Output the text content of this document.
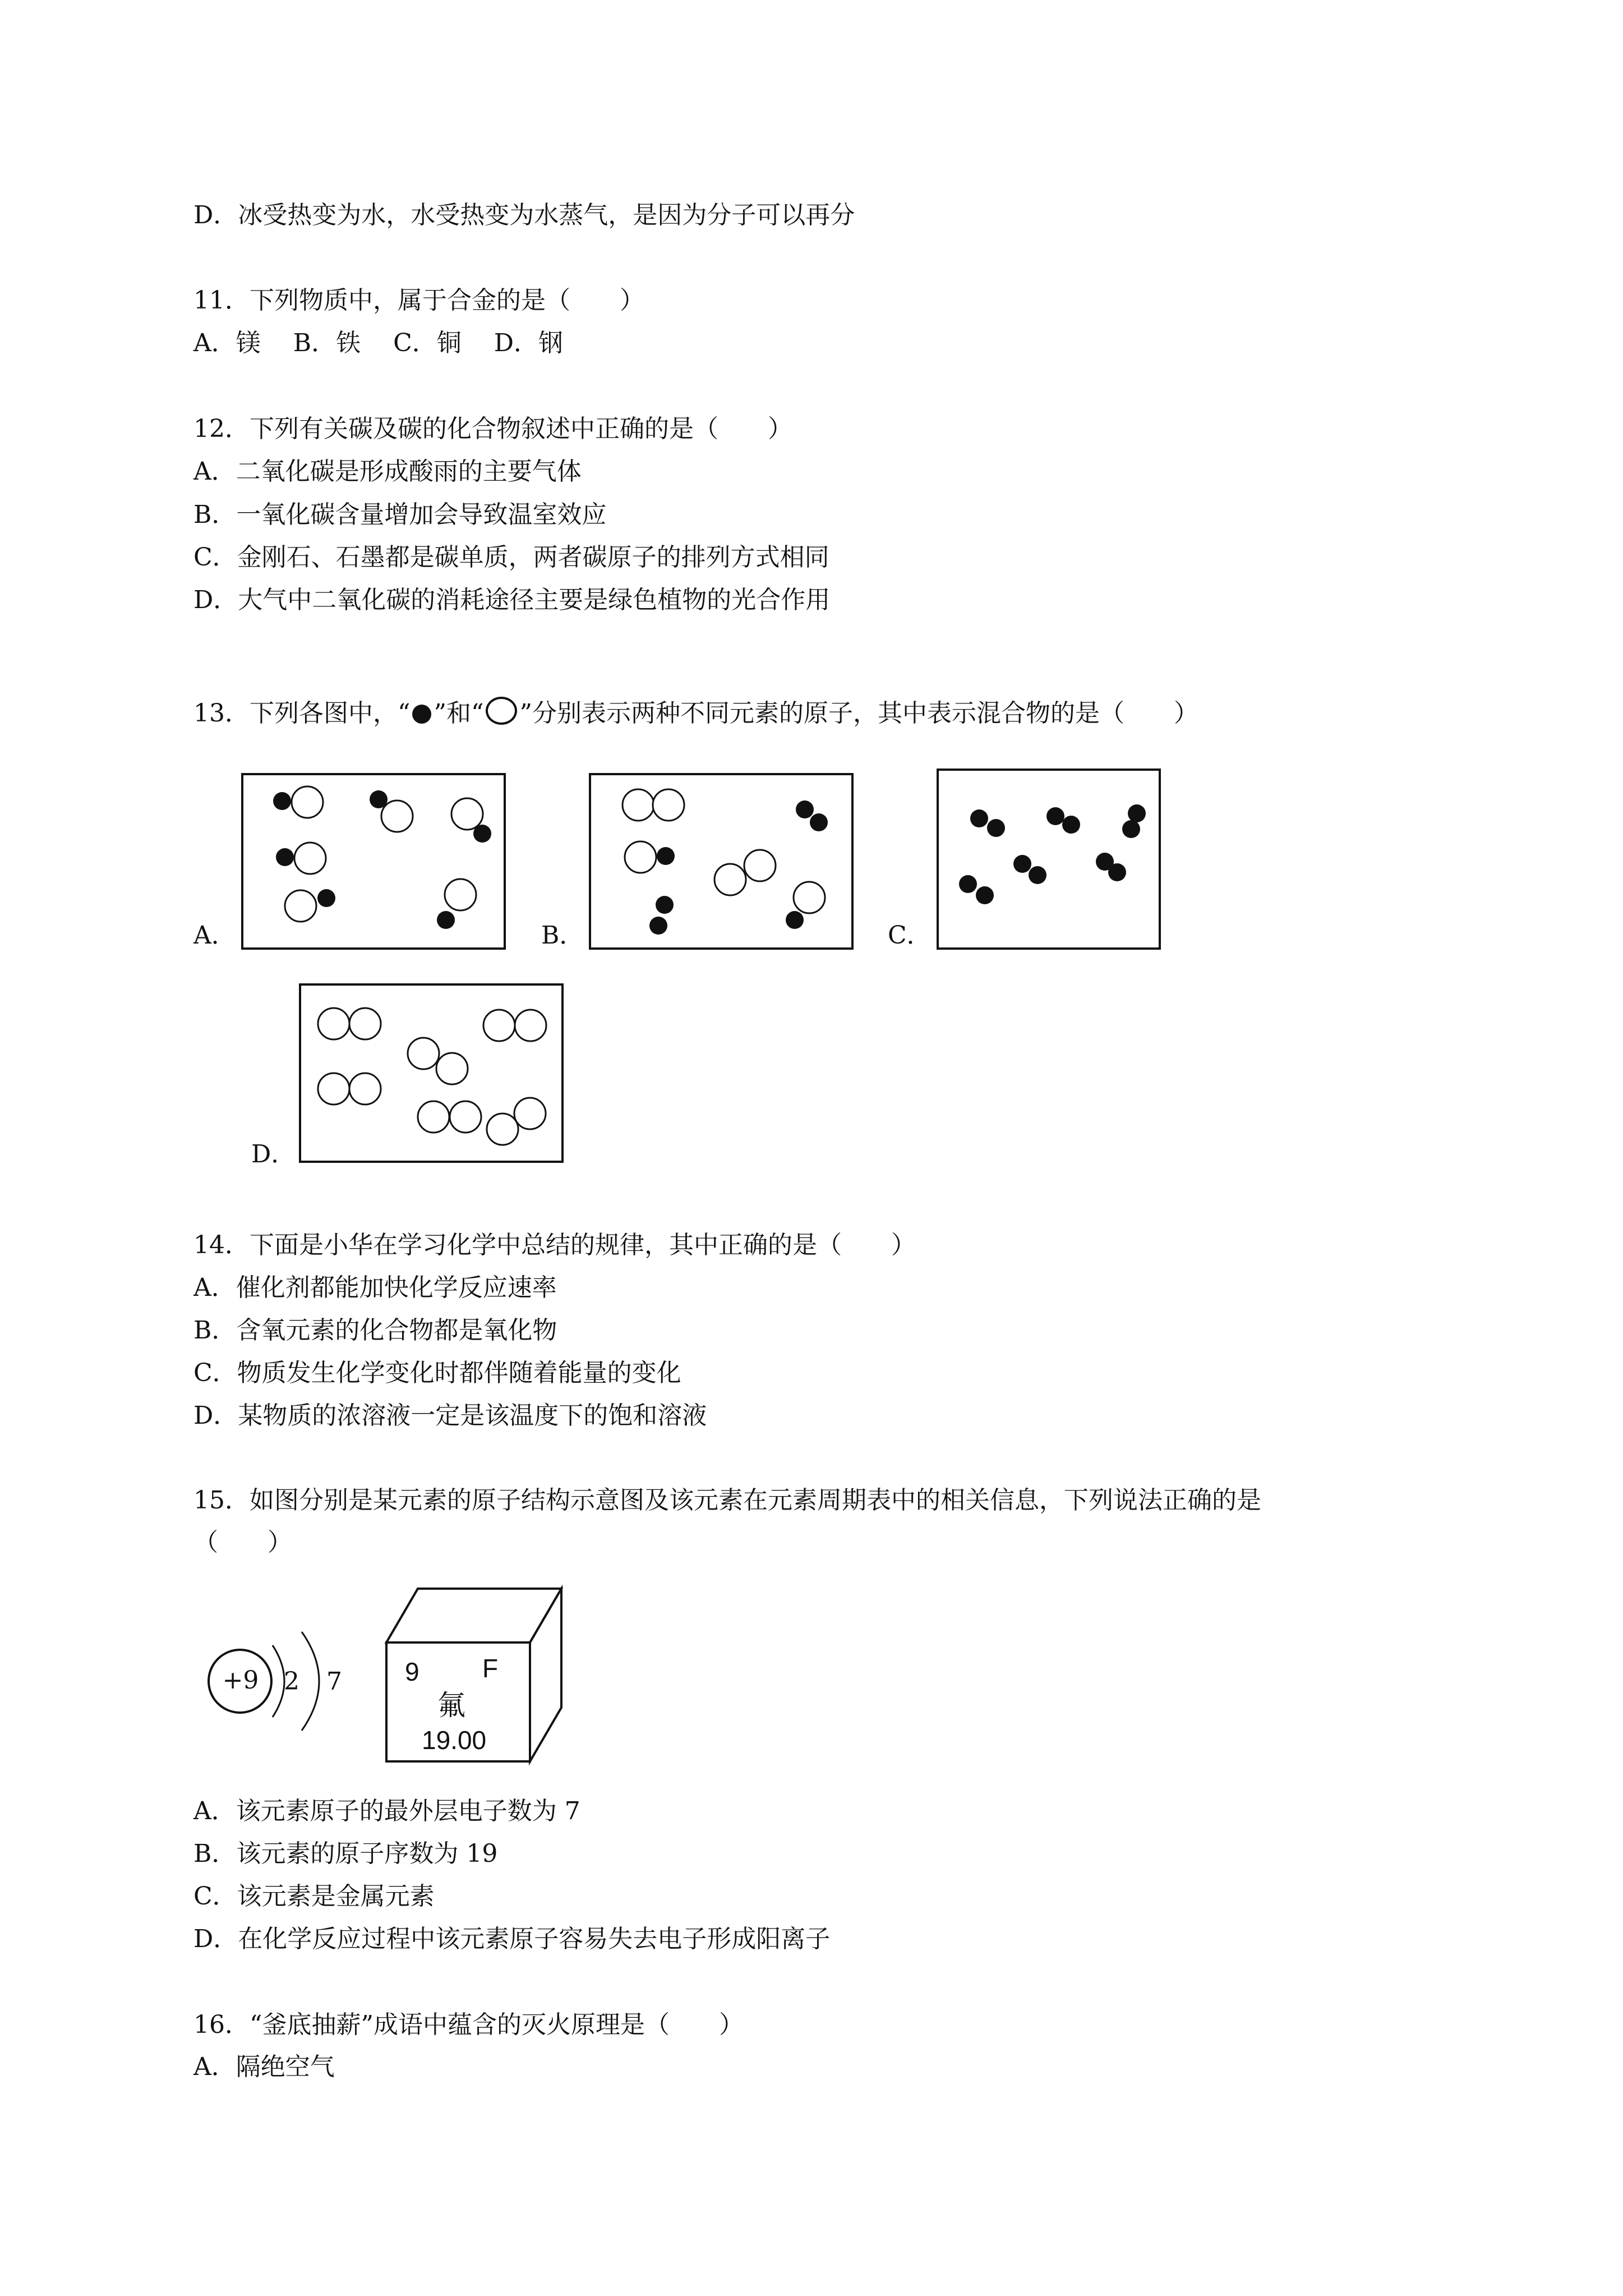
D．冰受热变为水，水受热变为水蒸气，是因为分子可以再分
11．下列物质中，属于合金的是（　　）
A．镁　 B．铁　 C．铜　 D．钢
12．下列有关碳及碳的化合物叙述中正确的是（　　）
A．二氧化碳是形成酸雨的主要气体
B．一氧化碳含量增加会导致温室效应
C．金刚石、石墨都是碳单质，两者碳原子的排列方式相同
D．大气中二氧化碳的消耗途径主要是绿色植物的光合作用
13．下列各图中，“ ”和“ ”分别表示两种不同元素的原子，其中表示混合物的是（　　）
A．	B．	C．
D．
14．下面是小华在学习化学中总结的规律，其中正确的是（　　）
A．催化剂都能加快化学反应速率
B．含氧元素的化合物都是氧化物
C．物质发生化学变化时都伴随着能量的变化
D．某物质的浓溶液一定是该温度下的饱和溶液
15．如图分别是某元素的原子结构示意图及该元素在元素周期表中的相关信息，下列说法正确的是
（　　）
+9 2 7 9 F
氟
19.00
A．该元素原子的最外层电子数为 7
B．该元素的原子序数为 19
C．该元素是金属元素
D．在化学反应过程中该元素原子容易失去电子形成阳离子
16．“釜底抽薪”成语中蕴含的灭火原理是（　　）
A．隔绝空气
